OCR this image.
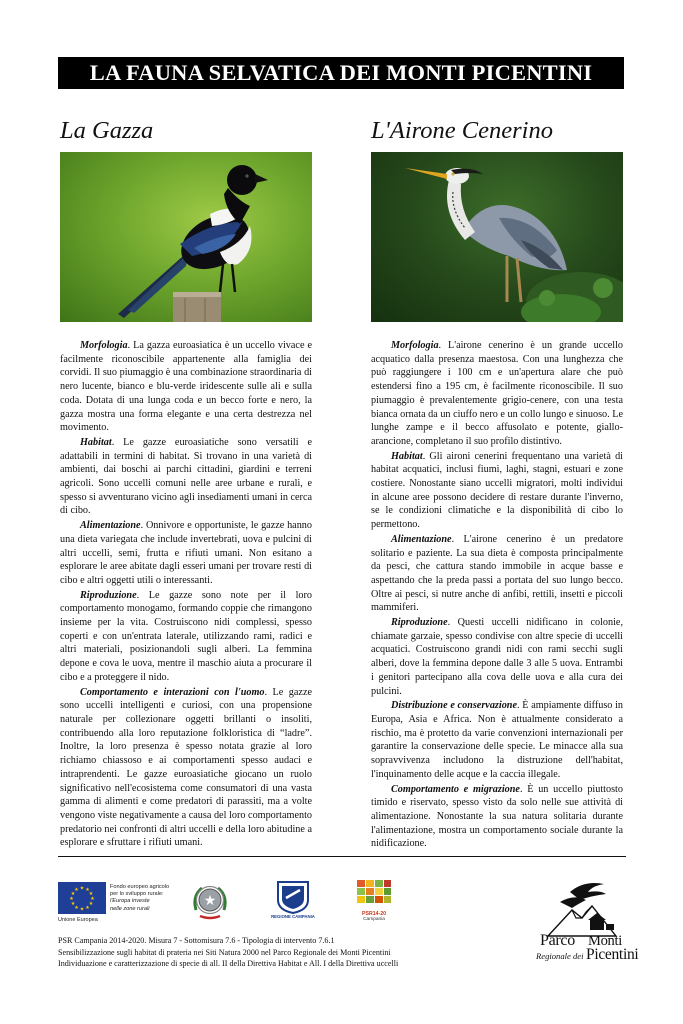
LA FAUNA SELVATICA DEI MONTI PICENTINI
La Gazza

Morfologia. La gazza euroasiatica è un uccello vivace e facilmente riconoscibile appartenente alla famiglia dei corvidi. Il suo piumaggio è una combinazione straordinaria di nero lucente, bianco e blu-verde iridescente sulle ali e sulla coda. Dotata di una lunga coda e un becco forte e nero, la gazza mostra una forma elegante e una certa destrezza nel movimento.

Habitat. Le gazze euroasiatiche sono versatili e adattabili in termini di habitat. Si trovano in una varietà di ambienti, dai boschi ai parchi cittadini, giardini e terreni agricoli. Sono uccelli comuni nelle aree urbane e rurali, e spesso si avventurano vicino agli insediamenti umani in cerca di cibo.

Alimentazione. Onnivore e opportuniste, le gazze hanno una dieta variegata che include invertebrati, uova e pulcini di altri uccelli, semi, frutta e rifiuti umani. Non esitano a esplorare le aree abitate dagli esseri umani per trovare resti di cibo e altri oggetti utili o interessanti.

Riproduzione. Le gazze sono note per il loro comportamento monogamo, formando coppie che rimangono insieme per la vita. Costruiscono nidi complessi, spesso coperti e con un'entrata laterale, utilizzando rami, radici e altri materiali, posizionandoli sugli alberi. La femmina depone e cova le uova, mentre il maschio aiuta a procurare il cibo e a proteggere il nido.

Comportamento e interazioni con l'uomo. Le gazze sono uccelli intelligenti e curiosi, con una propensione naturale per collezionare oggetti brillanti o insoliti, contribuendo alla loro reputazione folkloristica di “ladre”. Inoltre, la loro presenza è spesso notata grazie al loro richiamo chiassoso e ai comportamenti spesso audaci e intraprendenti. Le gazze euroasiatiche giocano un ruolo significativo nell'ecosistema come consumatori di una vasta gamma di alimenti e come predatori di parassiti, ma a volte vengono viste negativamente a causa del loro comportamento predatorio nei confronti di altri uccelli e della loro abitudine a esplorare e sfruttare i rifiuti umani.

L'Airone Cenerino

Morfologia. L'airone cenerino è un grande uccello acquatico dalla presenza maestosa. Con una lunghezza che può raggiungere i 100 cm e un'apertura alare che può estendersi fino a 195 cm, è facilmente riconoscibile. Il suo piumaggio è prevalentemente grigio-cenere, con una testa bianca ornata da un ciuffo nero e un collo lungo e sinuoso. Le lunghe zampe e il becco affusolato e potente, giallo-arancione, completano il suo profilo distintivo.

Habitat. Gli aironi cenerini frequentano una varietà di habitat acquatici, inclusi fiumi, laghi, stagni, estuari e zone costiere. Nonostante siano uccelli migratori, molti individui in alcune aree possono decidere di restare durante l'inverno, se le condizioni climatiche e la disponibilità di cibo lo permettono.

Alimentazione. L'airone cenerino è un predatore solitario e paziente. La sua dieta è composta principalmente da pesci, che cattura stando immobile in acque basse e aspettando che la preda passi a portata del suo lungo becco. Oltre ai pesci, si nutre anche di anfibi, rettili, insetti e piccoli mammiferi.

Riproduzione. Questi uccelli nidificano in colonie, chiamate garzaie, spesso condivise con altre specie di uccelli acquatici. Costruiscono grandi nidi con rami secchi sugli alberi, dove la femmina depone dalle 3 alle 5 uova. Entrambi i genitori partecipano alla cova delle uova e alla cura dei pulcini.

Distribuzione e conservazione. È ampiamente diffuso in Europa, Asia e Africa. Non è attualmente considerato a rischio, ma è protetto da varie convenzioni internazionali per garantire la conservazione delle specie. Le minacce alla sua sopravvivenza includono la distruzione dell'habitat, l'inquinamento delle acque e la caccia illegale.

Comportamento e migrazione. È un uccello piuttosto timido e riservato, spesso visto da solo nelle sue attività di alimentazione. Nonostante la sua natura solitaria durante l'alimentazione, mostra un comportamento sociale durante la nidificazione.

★ ★
★
★
★
★
★
★
★
★
★
★
Unione Europea
Fondo europeo agricolo
per lo sviluppo rurale:
l'Europa investe
nelle zone rurali	★
REGIONE CAMPANIA	PSR14-20
Campania
PSR Campania 2014-2020. Misura 7 - Sottomisura 7.6 - Tipologia di intervento 7.6.1
Sensibilizzazione sugli habitat di prateria nei Siti Natura 2000 nel Parco Regionale dei Monti Picentini
Individuazione e caratterizzazione di specie di all. II della Direttiva Habitat e All. I della Direttiva uccelli
Parco Monti
Regionale dei Picentini
